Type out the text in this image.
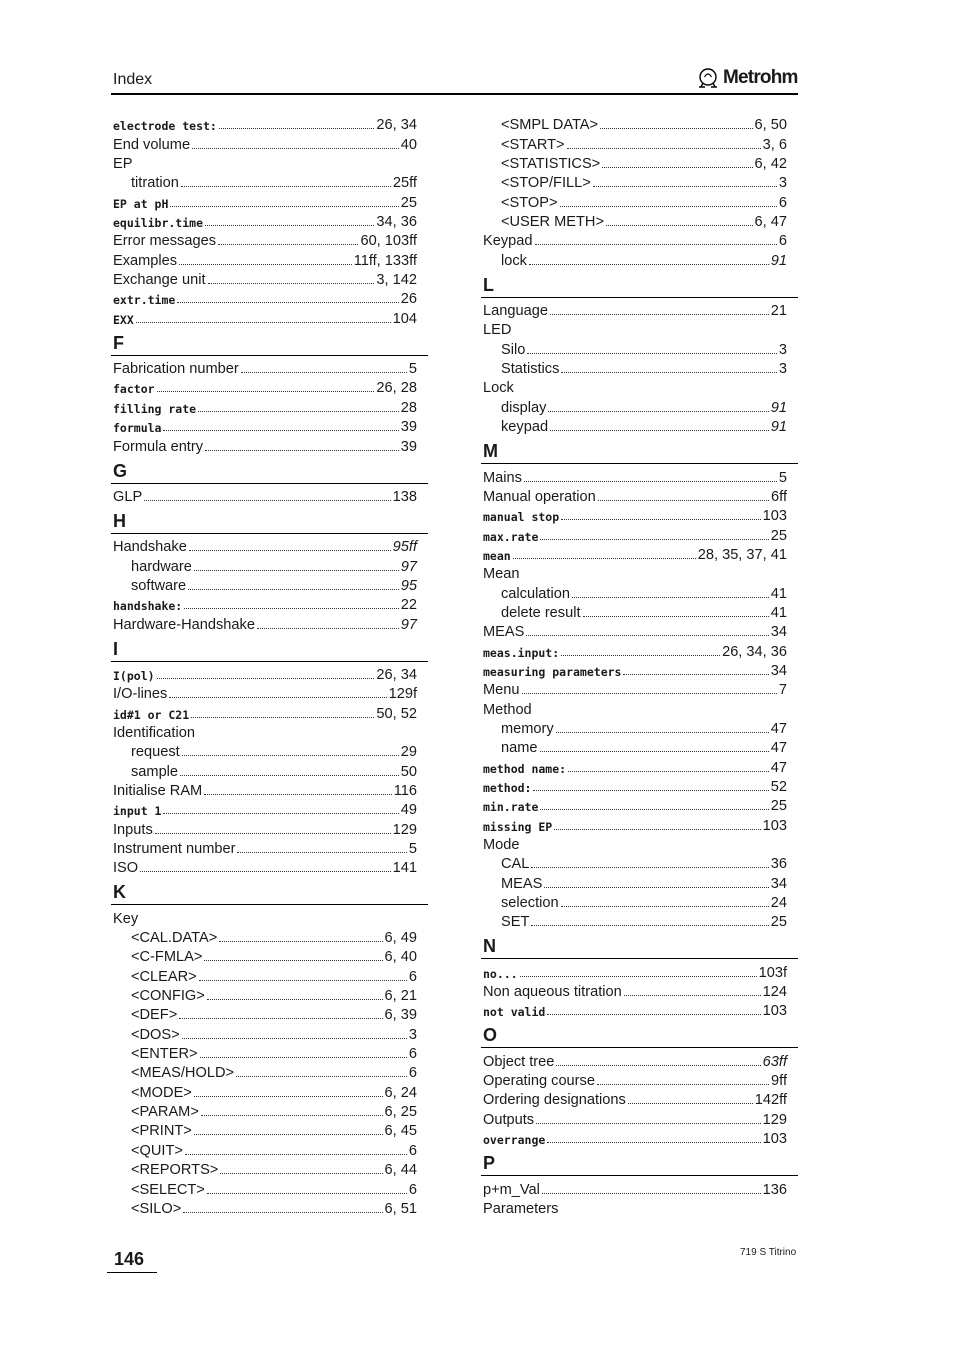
Index	Metrohm
electrode test:	26, 34
End volume	40
EP
titration	25ff
EP at pH	25
equilibr.time	34, 36
Error messages	60, 103ff
Examples	11ff, 133ff
Exchange unit	3, 142
extr.time	26
EXX	104
F
Fabrication number	5
factor	26, 28
filling rate	28
formula	39
Formula entry	39
G
GLP	138
H
Handshake	95ff
hardware	97
software	95
handshake:	22
Hardware-Handshake	97
I
I(pol)	26, 34
I/O-lines	129f
id#1 or C21	50, 52
Identification
request	29
sample	50
Initialise RAM	116
input 1	49
Inputs	129
Instrument number	5
ISO	141
K
Key
<CAL.DATA>	6, 49
<C-FMLA>	6, 40
<CLEAR>	6
<CONFIG>	6, 21
<DEF>	6, 39
<DOS>	3
<ENTER>	6
<MEAS/HOLD>	6
<MODE>	6, 24
<PARAM>	6, 25
<PRINT>	6, 45
<QUIT>	6
<REPORTS>	6, 44
<SELECT>	6
<SILO>	6, 51
<SMPL DATA>	6, 50
<START>	3, 6
<STATISTICS>	6, 42
<STOP/FILL>	3
<STOP>	6
<USER METH>	6, 47
Keypad	6
lock	91
L
Language	21
LED
Silo	3
Statistics	3
Lock
display	91
keypad	91
M
Mains	5
Manual operation	6ff
manual stop	103
max.rate	25
mean	28, 35, 37, 41
Mean
calculation	41
delete result	41
MEAS	34
meas.input:	26, 34, 36
measuring parameters	34
Menu	7
Method
memory	47
name	47
method name:	47
method:	52
min.rate	25
missing EP	103
Mode
CAL	36
MEAS	34
selection	24
SET	25
N
no...	103f
Non aqueous titration	124
not valid	103
O
Object tree	63ff
Operating course	9ff
Ordering designations	142ff
Outputs	129
overrange	103
P
p+m_Val	136
Parameters
146	719 S Titrino
